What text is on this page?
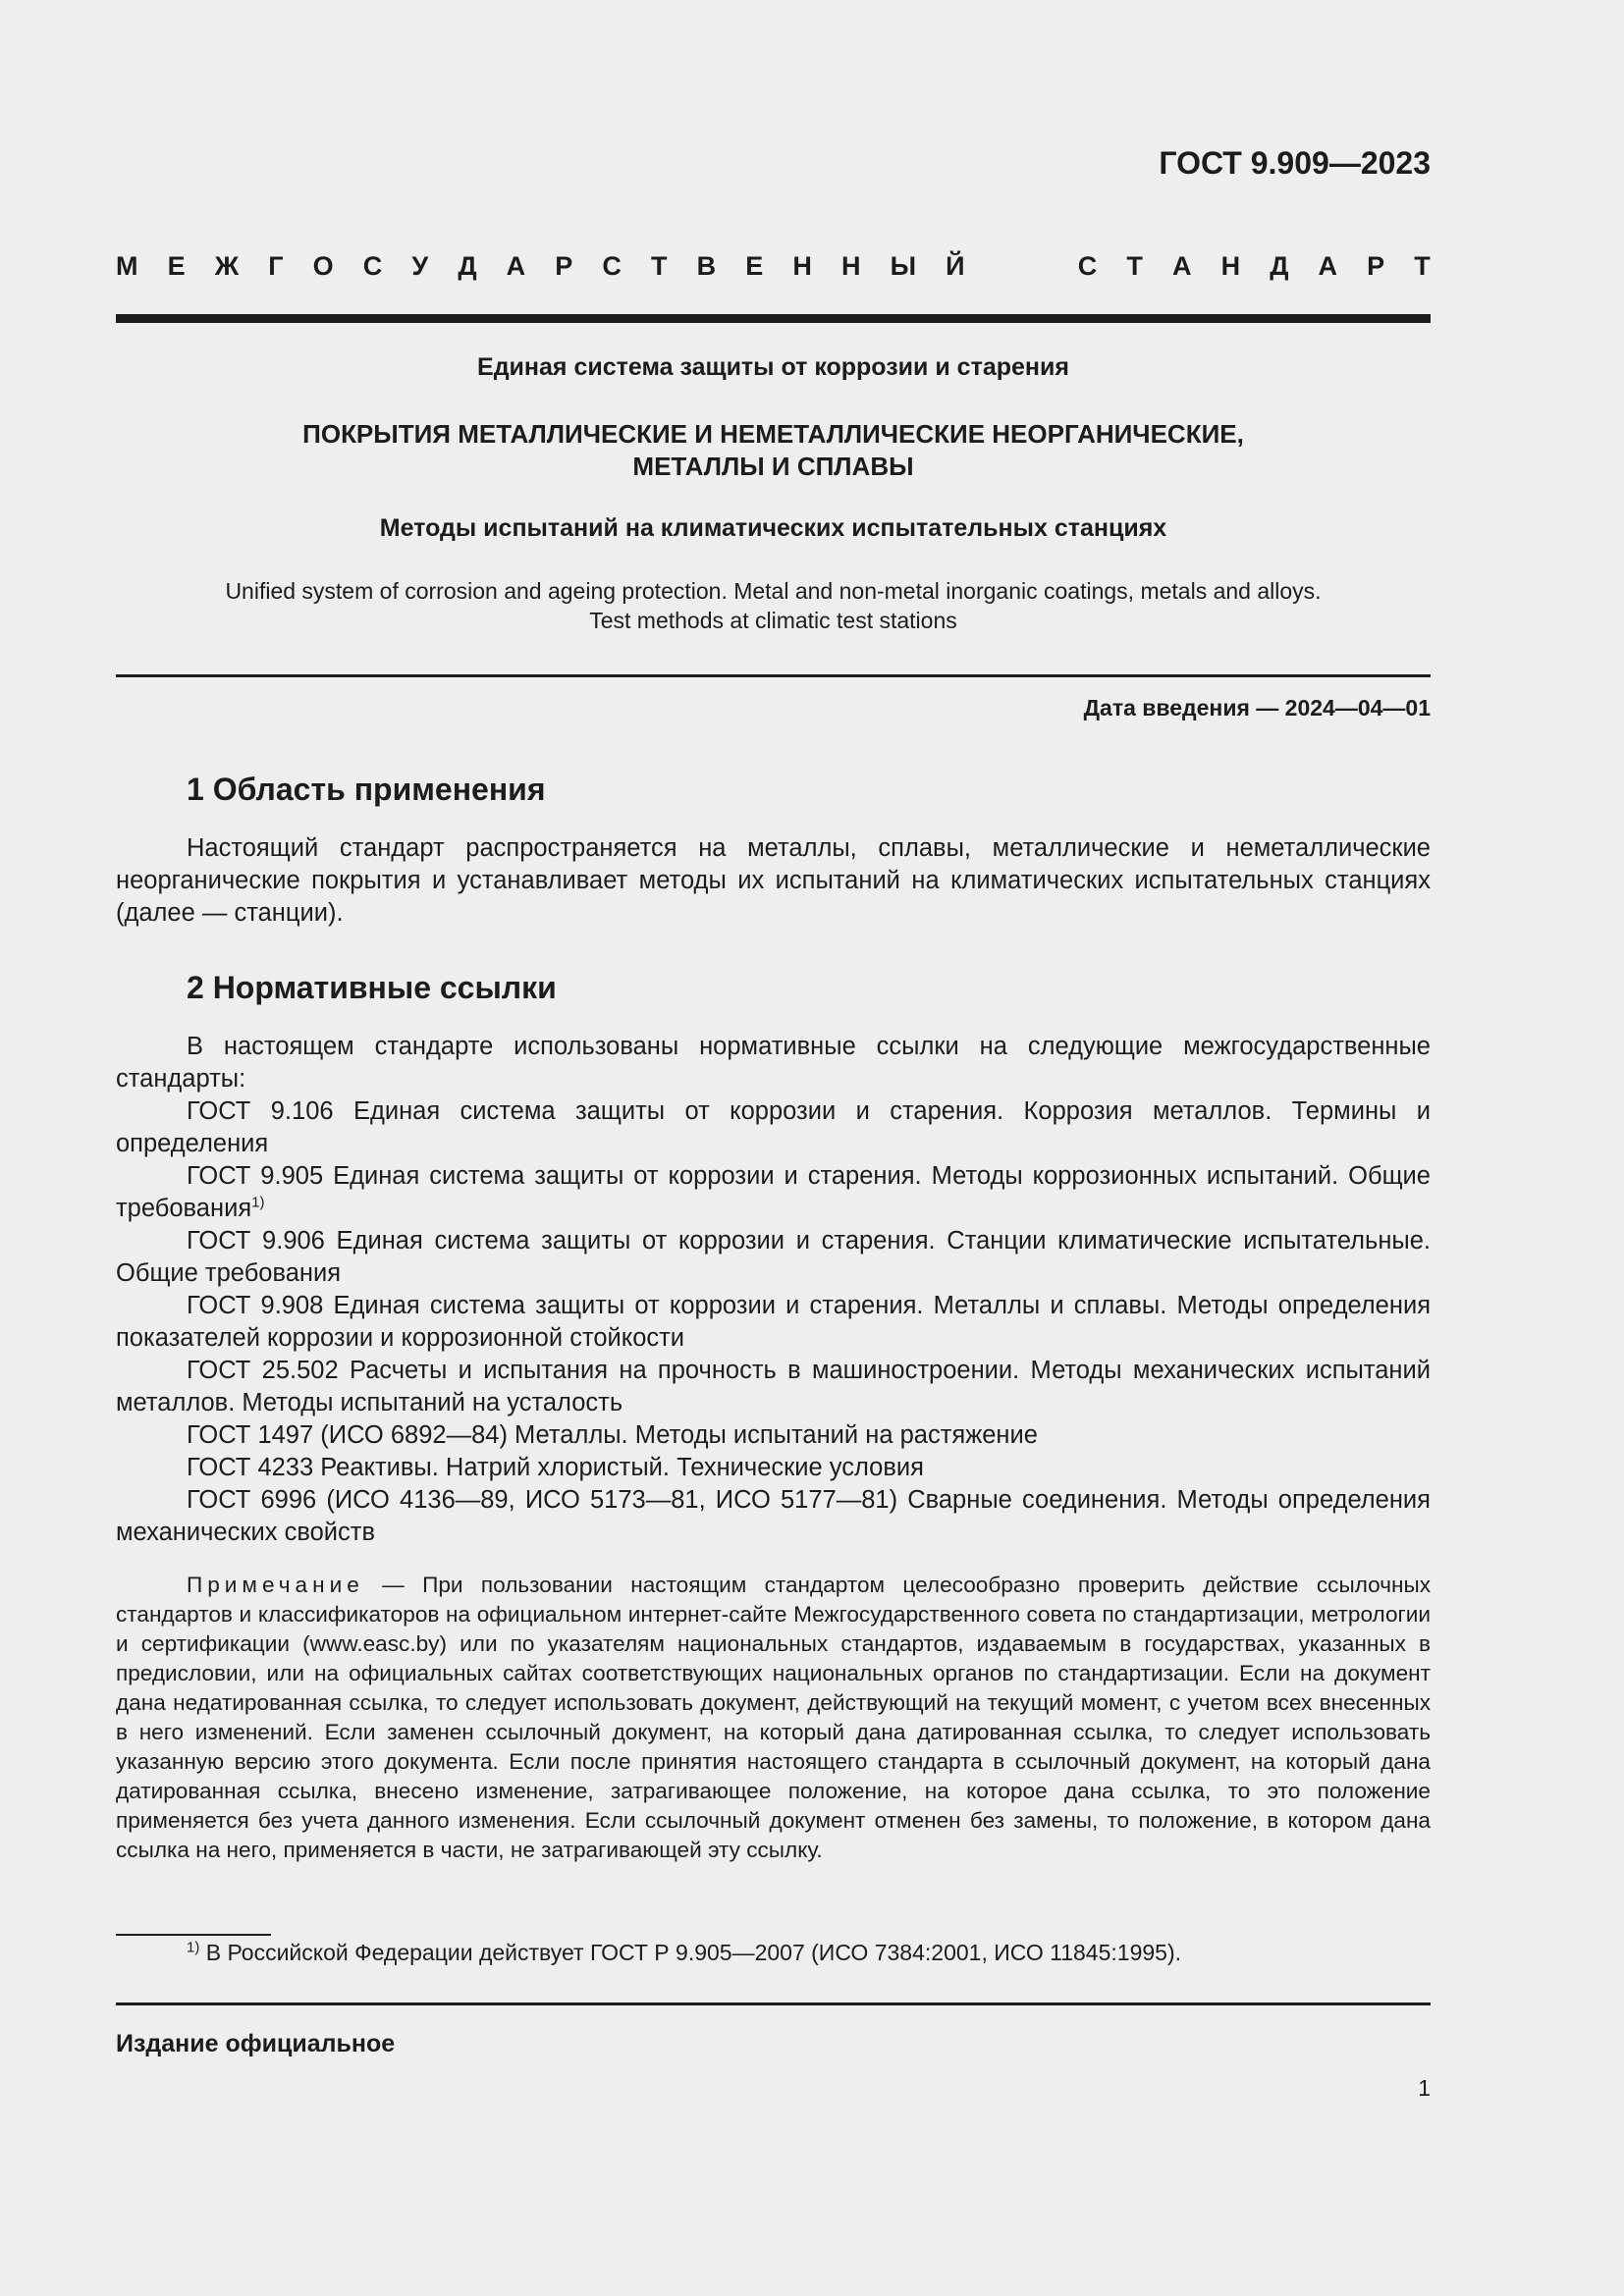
ГОСТ 9.909—2023
М Е Ж Г О С У Д А Р С Т В Е Н Н Ы Й	С Т А Н Д А Р Т
Единая система защиты от коррозии и старения
ПОКРЫТИЯ МЕТАЛЛИЧЕСКИЕ И НЕМЕТАЛЛИЧЕСКИЕ НЕОРГАНИЧЕСКИЕ,
МЕТАЛЛЫ И СПЛАВЫ
Методы испытаний на климатических испытательных станциях
Unified system of corrosion and ageing protection. Metal and non-metal inorganic coatings, metals and alloys.
Test methods at climatic test stations
Дата введения — 2024—04—01
1 Область применения

Настоящий стандарт распространяется на металлы, сплавы, металлические и неметаллические неорганические покрытия и устанавливает методы их испытаний на климатических испытательных станциях (далее — станции).

2 Нормативные ссылки

В настоящем стандарте использованы нормативные ссылки на следующие межгосударственные стандарты:

ГОСТ 9.106 Единая система защиты от коррозии и старения. Коррозия металлов. Термины и определения

ГОСТ 9.905 Единая система защиты от коррозии и старения. Методы коррозионных испытаний. Общие требования$^{1)}$

ГОСТ 9.906 Единая система защиты от коррозии и старения. Станции климатические испытательные. Общие требования

ГОСТ 9.908 Единая система защиты от коррозии и старения. Металлы и сплавы. Методы определения показателей коррозии и коррозионной стойкости

ГОСТ 25.502 Расчеты и испытания на прочность в машиностроении. Методы механических испытаний металлов. Методы испытаний на усталость

ГОСТ 1497 (ИСО 6892—84) Металлы. Методы испытаний на растяжение

ГОСТ 4233 Реактивы. Натрий хлористый. Технические условия

ГОСТ 6996 (ИСО 4136—89, ИСО 5173—81, ИСО 5177—81) Сварные соединения. Методы определения механических свойств

Примечание — При пользовании настоящим стандартом целесообразно проверить действие ссылочных стандартов и классификаторов на официальном интернет-сайте Межгосударственного совета по стандартизации, метрологии и сертификации (www.easc.by) или по указателям национальных стандартов, издаваемым в государствах, указанных в предисловии, или на официальных сайтах соответствующих национальных органов по стандартизации. Если на документ дана недатированная ссылка, то следует использовать документ, действующий на текущий момент, с учетом всех внесенных в него изменений. Если заменен ссылочный документ, на который дана датированная ссылка, то следует использовать указанную версию этого документа. Если после принятия настоящего стандарта в ссылочный документ, на который дана датированная ссылка, внесено изменение, затрагивающее положение, на которое дана ссылка, то это положение применяется без учета данного изменения. Если ссылочный документ отменен без замены, то положение, в котором дана ссылка на него, применяется в части, не затрагивающей эту ссылку.

$^{1)}$ В Российской Федерации действует ГОСТ Р 9.905—2007 (ИСО 7384:2001, ИСО 11845:1995).
Издание официальное
1
